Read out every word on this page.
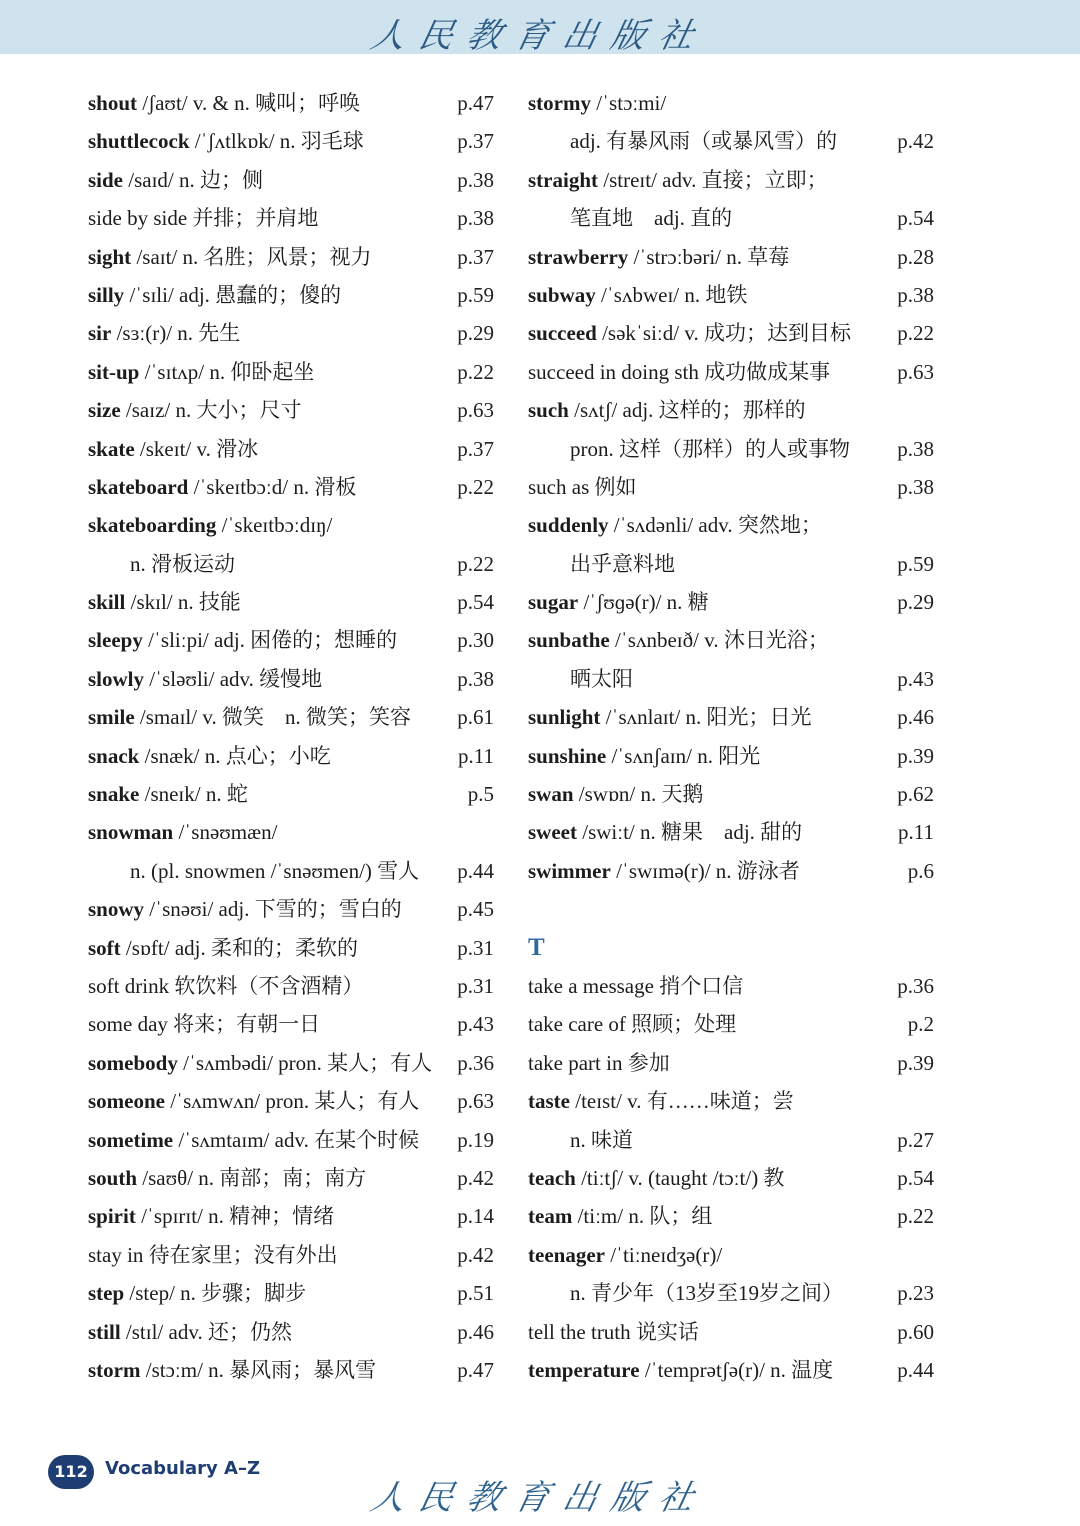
人民教育出版社
shout /ʃaʊt/ v. & n. 喊叫；呼唤	p.47
shuttlecock /ˈʃʌtlkɒk/ n. 羽毛球	p.37
side /saɪd/ n. 边；侧	p.38
side by side 并排；并肩地	p.38
sight /saɪt/ n. 名胜；风景；视力	p.37
silly /ˈsɪli/ adj. 愚蠢的；傻的	p.59
sir /sɜː(r)/ n. 先生	p.29
sit-up /ˈsɪtʌp/ n. 仰卧起坐	p.22
size /saɪz/ n. 大小；尺寸	p.63
skate /skeɪt/ v. 滑冰	p.37
skateboard /ˈskeɪtbɔːd/ n. 滑板	p.22
skateboarding /ˈskeɪtbɔːdɪŋ/
n. 滑板运动	p.22
skill /skɪl/ n. 技能	p.54
sleepy /ˈsliːpi/ adj. 困倦的；想睡的	p.30
slowly /ˈsləʊli/ adv. 缓慢地	p.38
smile /smaɪl/ v. 微笑　n. 微笑；笑容 p.61
snack /snæk/ n. 点心；小吃	p.11
snake /sneɪk/ n. 蛇	p.5
snowman /ˈsnəʊmæn/
n. (pl. snowmen /ˈsnəʊmen/) 雪人 p.44
snowy /ˈsnəʊi/ adj. 下雪的；雪白的	p.45
soft /sɒft/ adj. 柔和的；柔软的	p.31
soft drink 软饮料（不含酒精）	p.31
some day 将来；有朝一日	p.43
somebody /ˈsʌmbədi/ pron. 某人；有人 p.36
someone /ˈsʌmwʌn/ pron. 某人；有人 p.63
sometime /ˈsʌmtaɪm/ adv. 在某个时候 p.19
south /saʊθ/ n. 南部；南；南方	p.42
spirit /ˈspɪrɪt/ n. 精神；情绪	p.14
stay in 待在家里；没有外出	p.42
step /step/ n. 步骤；脚步	p.51
still /stɪl/ adv. 还；仍然	p.46
storm /stɔːm/ n. 暴风雨；暴风雪	p.47
stormy /ˈstɔːmi/
adj. 有暴风雨（或暴风雪）的	p.42
straight /streɪt/ adv. 直接；立即；
笔直地　adj. 直的	p.54
strawberry /ˈstrɔːbəri/ n. 草莓	p.28
subway /ˈsʌbweɪ/ n. 地铁	p.38
succeed /səkˈsiːd/ v. 成功；达到目标 p.22
succeed in doing sth 成功做成某事	p.63
such /sʌtʃ/ adj. 这样的；那样的
pron. 这样（那样）的人或事物 p.38
such as 例如	p.38
suddenly /ˈsʌdənli/ adv. 突然地；
出乎意料地	p.59
sugar /ˈʃʊɡə(r)/ n. 糖	p.29
sunbathe /ˈsʌnbeɪð/ v. 沐日光浴；
晒太阳	p.43
sunlight /ˈsʌnlaɪt/ n. 阳光；日光	p.46
sunshine /ˈsʌnʃaɪn/ n. 阳光	p.39
swan /swɒn/ n. 天鹅	p.62
sweet /swiːt/ n. 糖果　adj. 甜的	p.11
swimmer /ˈswɪmə(r)/ n. 游泳者	p.6
T
take a message 捎个口信	p.36
take care of 照顾；处理	p.2
take part in 参加	p.39
taste /teɪst/ v. 有……味道；尝
n. 味道	p.27
teach /tiːtʃ/ v. (taught /tɔːt/) 教	p.54
team /tiːm/ n. 队；组	p.22
teenager /ˈtiːneɪdʒə(r)/
n. 青少年（13岁至19岁之间）	p.23
tell the truth 说实话	p.60
temperature /ˈtemprətʃə(r)/ n. 温度	p.44
112 Vocabulary A–Z
人民教育出版社
